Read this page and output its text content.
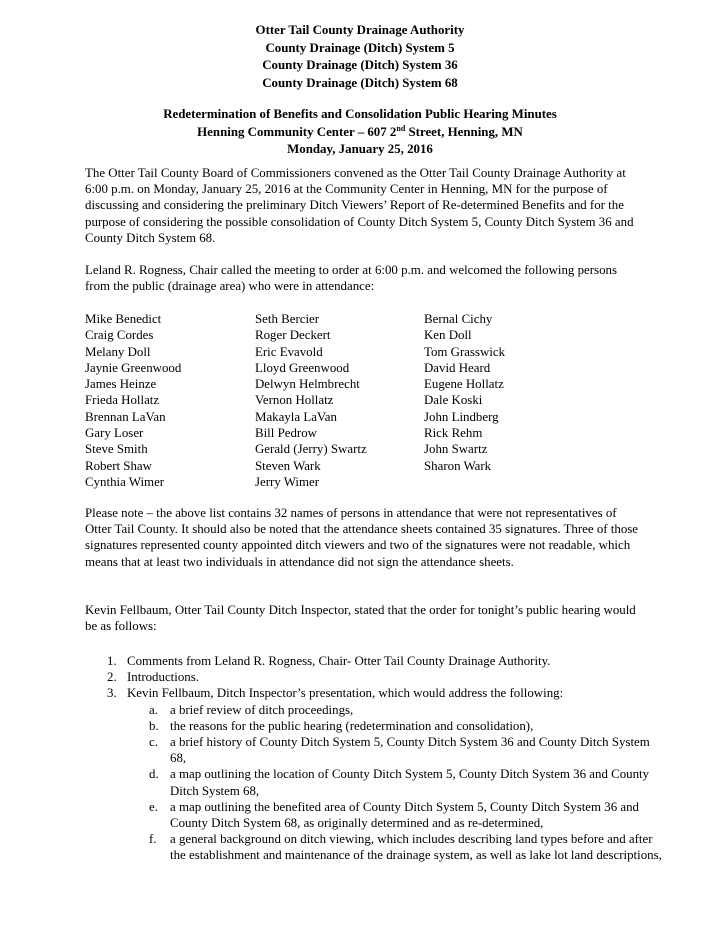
Otter Tail County Drainage Authority
County Drainage (Ditch) System 5
County Drainage (Ditch) System 36
County Drainage (Ditch) System 68
Redetermination of Benefits and Consolidation Public Hearing Minutes
Henning Community Center – 607 2nd Street, Henning, MN
Monday, January 25, 2016
The Otter Tail County Board of Commissioners convened as the Otter Tail County Drainage Authority at 6:00 p.m. on Monday, January 25, 2016 at the Community Center in Henning, MN for the purpose of discussing and considering the preliminary Ditch Viewers’ Report of Re-determined Benefits and for the purpose of considering the possible consolidation of County Ditch System 5, County Ditch System 36 and County Ditch System 68.
Leland R. Rogness, Chair called the meeting to order at 6:00 p.m. and welcomed the following persons from the public (drainage area) who were in attendance:
Mike Benedict	Seth Bercier	Bernal Cichy
Craig Cordes	Roger Deckert	Ken Doll
Melany Doll	Eric Evavold	Tom Grasswick
Jaynie Greenwood	Lloyd Greenwood	David Heard
James Heinze	Delwyn Helmbrecht	Eugene Hollatz
Frieda Hollatz	Vernon Hollatz	Dale Koski
Brennan LaVan	Makayla LaVan	John Lindberg
Gary Loser	Bill Pedrow	Rick Rehm
Steve Smith	Gerald (Jerry) Swartz	John Swartz
Robert Shaw	Steven Wark	Sharon Wark
Cynthia Wimer	Jerry Wimer
Please note – the above list contains 32 names of persons in attendance that were not representatives of Otter Tail County. It should also be noted that the attendance sheets contained 35 signatures. Three of those signatures represented county appointed ditch viewers and two of the signatures were not readable, which means that at least two individuals in attendance did not sign the attendance sheets.
Kevin Fellbaum, Otter Tail County Ditch Inspector, stated that the order for tonight’s public hearing would be as follows:
1. Comments from Leland R. Rogness, Chair- Otter Tail County Drainage Authority.
2. Introductions.
3. Kevin Fellbaum, Ditch Inspector’s presentation, which would address the following:
a. a brief review of ditch proceedings,
b. the reasons for the public hearing (redetermination and consolidation),
c. a brief history of County Ditch System 5, County Ditch System 36 and County Ditch System 68,
d. a map outlining the location of County Ditch System 5, County Ditch System 36 and County Ditch System 68,
e. a map outlining the benefited area of County Ditch System 5, County Ditch System 36 and County Ditch System 68, as originally determined and as re-determined,
f. a general background on ditch viewing, which includes describing land types before and after the establishment and maintenance of the drainage system, as well as lake lot land descriptions,
